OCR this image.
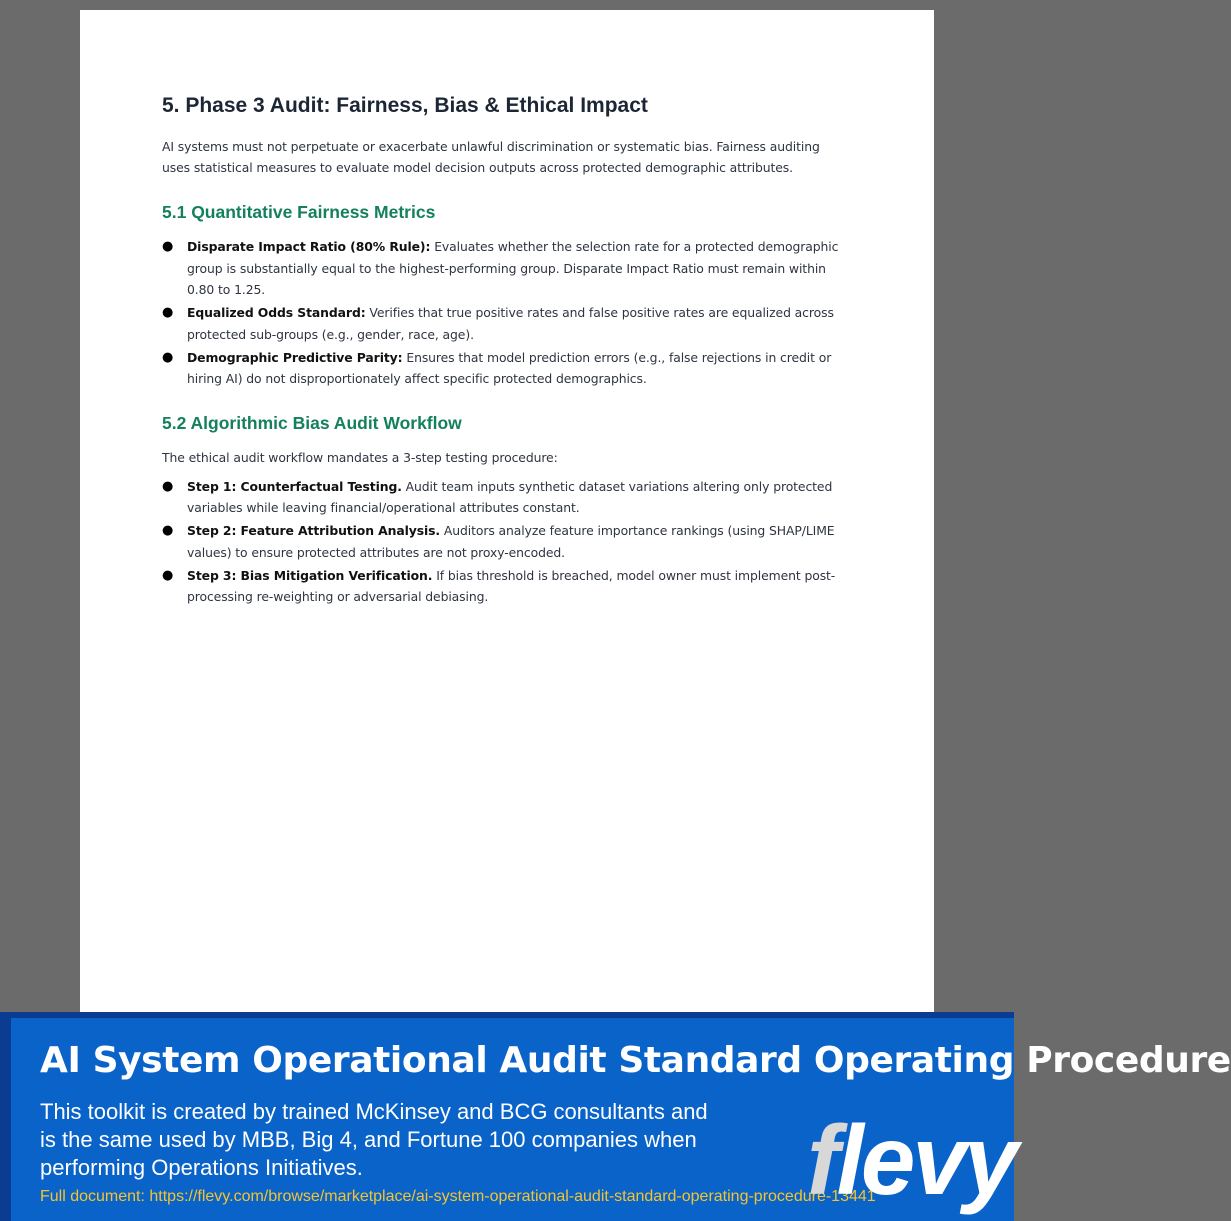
5. Phase 3 Audit: Fairness, Bias & Ethical Impact

AI systems must not perpetuate or exacerbate unlawful discrimination or systematic bias. Fairness auditing uses statistical measures to evaluate model decision outputs across protected demographic attributes.

5.1 Quantitative Fairness Metrics
● Disparate Impact Ratio (80% Rule): Evaluates whether the selection rate for a protected demographic group is substantially equal to the highest-performing group. Disparate Impact Ratio must remain within 0.80 to 1.25.
● Equalized Odds Standard: Verifies that true positive rates and false positive rates are equalized across protected sub-groups (e.g., gender, race, age).
● Demographic Predictive Parity: Ensures that model prediction errors (e.g., false rejections in credit or hiring AI) do not disproportionately affect specific protected demographics.
5.2 Algorithmic Bias Audit Workflow

The ethical audit workflow mandates a 3-step testing procedure:

● Step 1: Counterfactual Testing. Audit team inputs synthetic dataset variations altering only protected variables while leaving financial/operational attributes constant.
● Step 2: Feature Attribution Analysis. Auditors analyze feature importance rankings (using SHAP/LIME values) to ensure protected attributes are not proxy-encoded.
● Step 3: Bias Mitigation Verification. If bias threshold is breached, model owner must implement post-processing re-weighting or adversarial debiasing.
AI System Operational Audit Standard Operating Procedure
This toolkit is created by trained McKinsey and BCG consultants and is the same used by MBB, Big 4, and Fortune 100 companies when performing Operations Initiatives.
Full document: https://flevy.com/browse/marketplace/ai-system-operational-audit-standard-operating-procedure-13441
flevy
